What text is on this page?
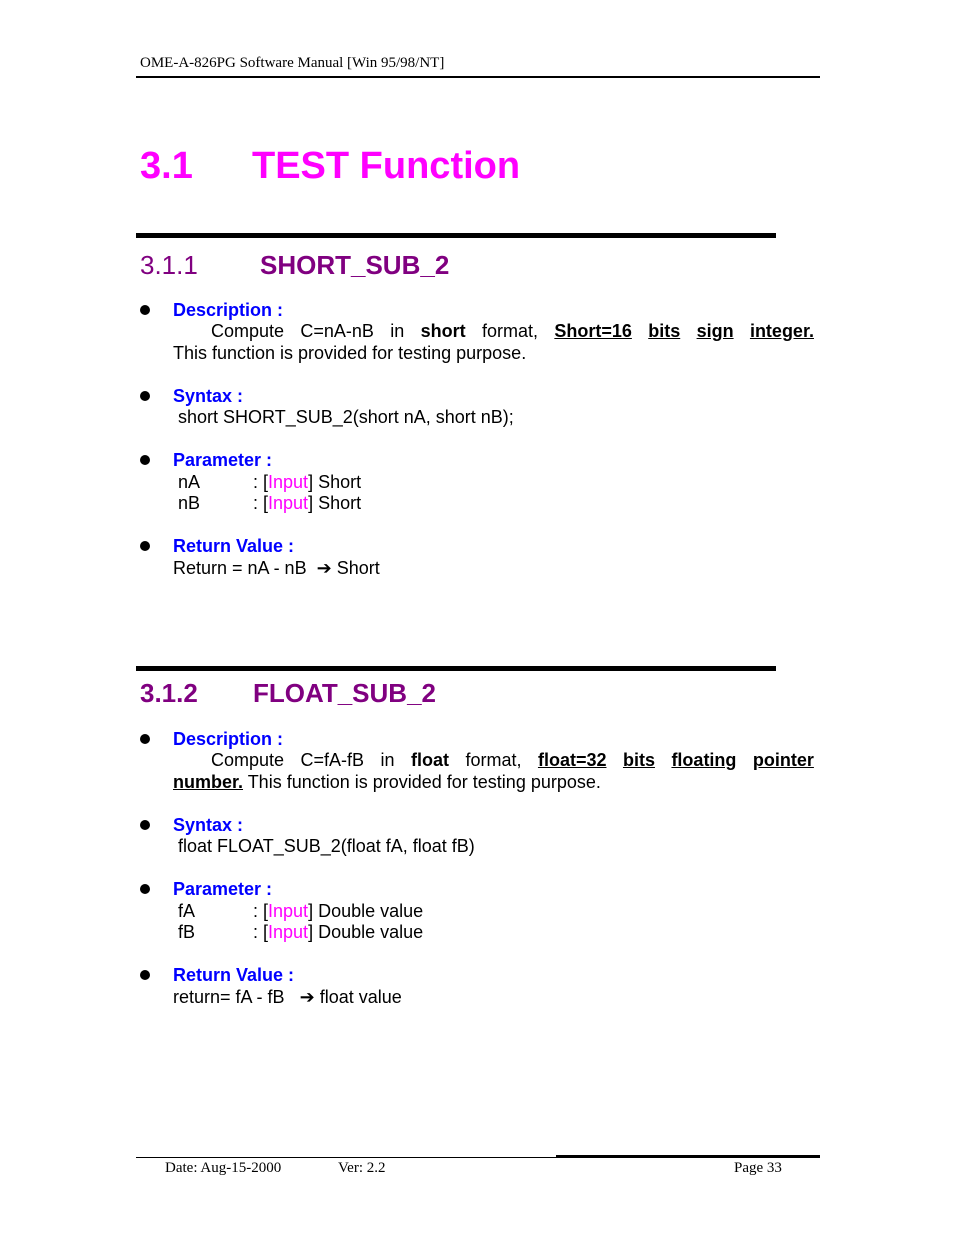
OME-A-826PG Software Manual [Win 95/98/NT]
3.1 TEST Function
3.1.1 SHORT_SUB_2
Description :
Compute C=nA-nB in short format, Short=16 bits sign integer.
This function is provided for testing purpose.
Syntax :
short SHORT_SUB_2(short nA, short nB);
Parameter :
nA	: [Input] Short
nB	: [Input] Short
Return Value :
Return = nA - nB ➔ Short
3.1.2 FLOAT_SUB_2
Description :
Compute C=fA-fB in float format, float=32 bits floating pointer
number. This function is provided for testing purpose.
Syntax :
float FLOAT_SUB_2(float fA, float fB)
Parameter :
fA	: [Input] Double value
fB	: [Input] Double value
Return Value :
return= fA - fB ➔ float value
Date: Aug-15-2000	Ver: 2.2	Page 33
